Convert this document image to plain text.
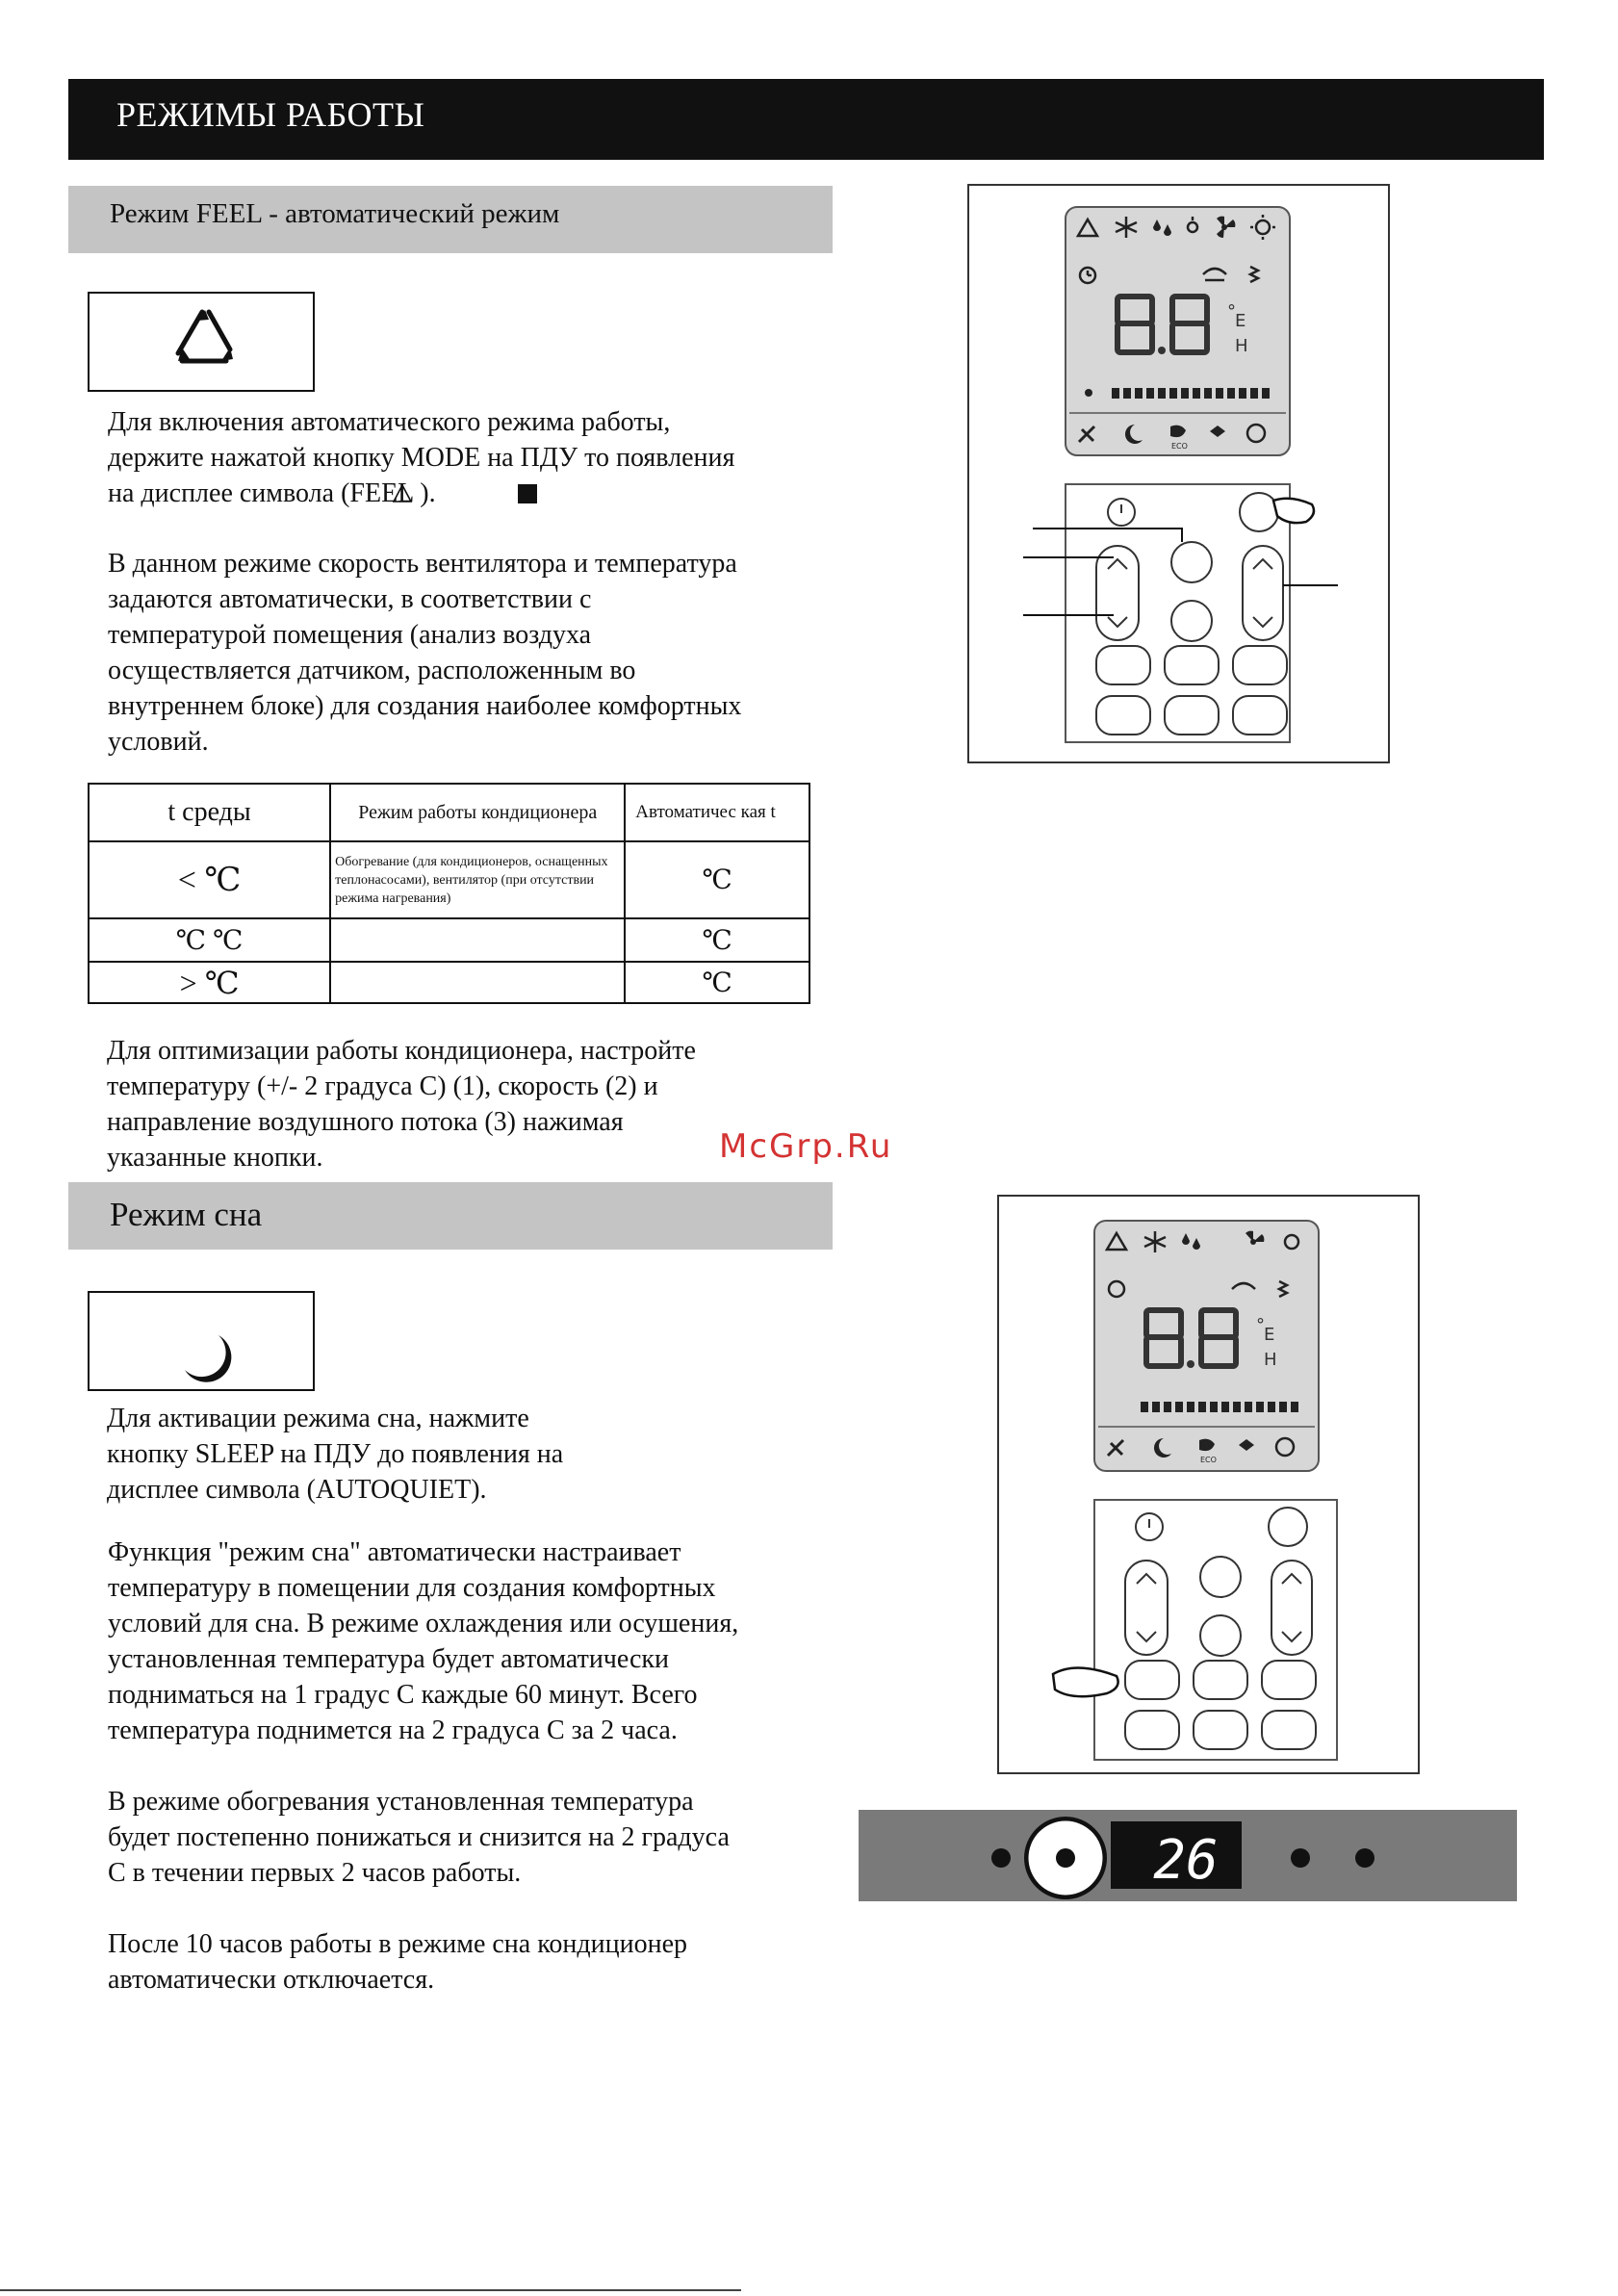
РЕЖИМЫ РАБОТЫ
Режим FEEL - автоматический режим

Для включения автоматического режима работы,

держите нажатой кнопку MODE на ПДУ то появления

на дисплее символа (FEEL ).

В данном режиме скорость вентилятора и температура

задаются автоматически, в соответствии с

температурой помещения (анализ воздуха

осуществляется датчиком, расположенным во

внутреннем блоке) для создания наиболее комфортных

условий.

t среды	Режим работы кондиционера	Автоматичес кая t
< ℃	Обогревание (для кондиционеров, оснащенных теплонасосами), вентилятор (при отсутствии режима нагревания)	℃
℃ ℃		℃
> ℃		℃

Для оптимизации работы кондиционера, настройте

температуру (+/- 2 градуса С) (1), скорость (2) и

направление воздушного потока (3) нажимая

указанные кнопки.	McGrp.Ru
Режим сна

Для активации режима сна, нажмите

кнопку SLEEP на ПДУ до появления на

дисплее символа (AUTOQUIET).

Функция "режим сна" автоматически настраивает

температуру в помещении для создания комфортных

условий для сна. В режиме охлаждения или осушения,

установленная температура будет автоматически

подниматься на 1 градус С каждые 60 минут. Всего

температура поднимется на 2 градуса С за 2 часа.

В режиме обогревания установленная температура

будет постепенно понижаться и снизится на 2 градуса

С в течении первых 2 часов работы.

После 10 часов работы в режиме сна кондиционер

автоматически отключается.

° E
H
ECO
° E
H
ECO
26
